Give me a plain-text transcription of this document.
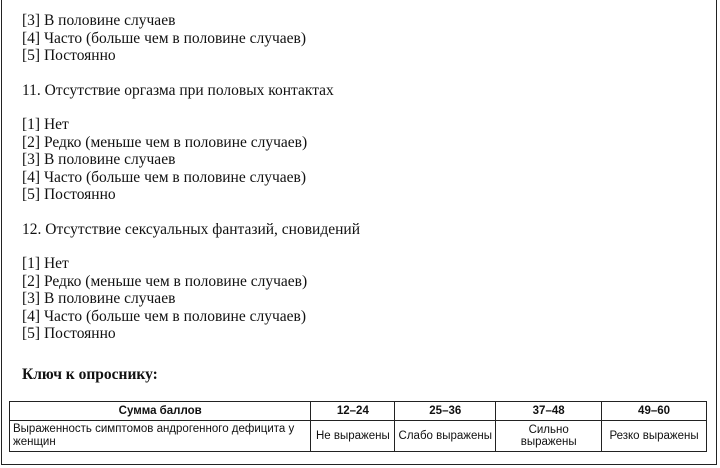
[3] В половине случаев
[4] Часто (больше чем в половине случаев)
[5] Постоянно
11. Отсутствие оргазма при половых контактах
[1] Нет
[2] Редко (меньше чем в половине случаев)
[3] В половине случаев
[4] Часто (больше чем в половине случаев)
[5] Постоянно
12. Отсутствие сексуальных фантазий, сновидений
[1] Нет
[2] Редко (меньше чем в половине случаев)
[3] В половине случаев
[4] Часто (больше чем в половине случаев)
[5] Постоянно
Ключ к опроснику:
Сумма баллов	12–24	25–36	37–48	49–60
Выраженность симптомов андрогенного дефицита у женщин	Не выражены	Слабо выражены	Сильно выражены	Резко выражены
